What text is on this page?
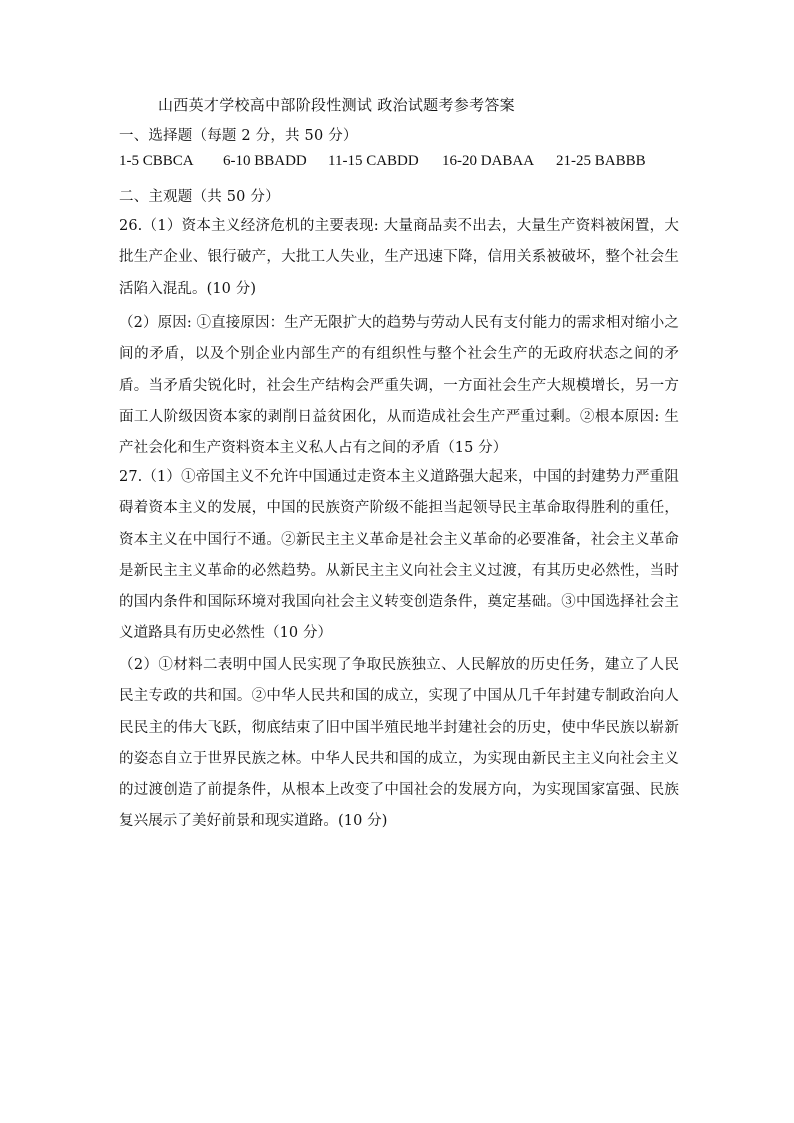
山西英才学校高中部阶段性测试 政治试题考参考答案
一、选择题（每题 2 分，共 50 分）
1-5 CBBCA 6-10 BBADD 11-15 CABDD 16-20 DABAA 21-25 BABBB
二、主观题（共 50 分）
26.（1）资本主义经济危机的主要表现: 大量商品卖不出去，大量生产资料被闲置，大批生产企业、银行破产，大批工人失业，生产迅速下降，信用关系被破坏，整个社会生活陷入混乱。(10 分)
（2）原因: ①直接原因：生产无限扩大的趋势与劳动人民有支付能力的需求相对缩小之间的矛盾，以及个别企业内部生产的有组织性与整个社会生产的无政府状态之间的矛盾。当矛盾尖锐化时，社会生产结构会严重失调，一方面社会生产大规模增长，另一方面工人阶级因资本家的剥削日益贫困化，从而造成社会生产严重过剩。②根本原因: 生产社会化和生产资料资本主义私人占有之间的矛盾（15 分）
27.（1）①帝国主义不允许中国通过走资本主义道路强大起来，中国的封建势力严重阻碍着资本主义的发展，中国的民族资产阶级不能担当起领导民主革命取得胜利的重任，资本主义在中国行不通。②新民主主义革命是社会主义革命的必要准备，社会主义革命是新民主主义革命的必然趋势。从新民主主义向社会主义过渡，有其历史必然性，当时的国内条件和国际环境对我国向社会主义转变创造条件，奠定基础。③中国选择社会主义道路具有历史必然性（10 分）
（2）①材料二表明中国人民实现了争取民族独立、人民解放的历史任务，建立了人民民主专政的共和国。②中华人民共和国的成立，实现了中国从几千年封建专制政治向人民民主的伟大飞跃，彻底结束了旧中国半殖民地半封建社会的历史，使中华民族以崭新的姿态自立于世界民族之林。中华人民共和国的成立，为实现由新民主主义向社会主义的过渡创造了前提条件，从根本上改变了中国社会的发展方向，为实现国家富强、民族复兴展示了美好前景和现实道路。(10 分)
